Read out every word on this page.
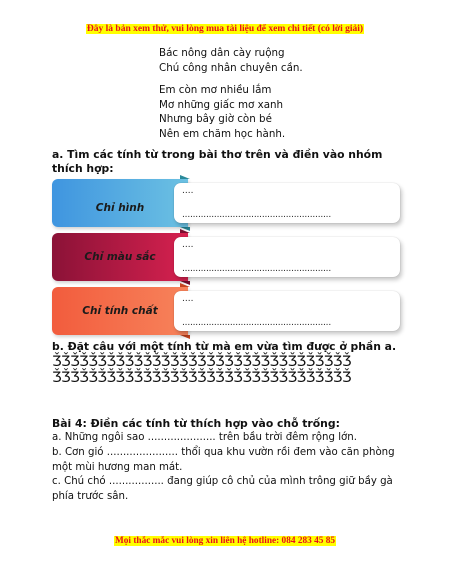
Đây là bản xem thử, vui lòng mua tài liệu để xem chi tiết (có lời giải)
Bác nông dân cày ruộng
Chú công nhân chuyên cần.
Em còn mơ nhiều lắm
Mơ những giấc mơ xanh
Nhưng bây giờ còn bé
Nên em chăm học hành.
a. Tìm các tính từ trong bài thơ trên và điền vào nhóm thích hợp:
Chỉ hình
....
........................................................
Chỉ màu sắc
....
........................................................
Chỉ tính chất
....
........................................................
b. Đặt câu với một tính từ mà em vừa tìm được ở phần a.
ǮǮǮǮǮǮǮǮǮǮǮǮǮǮǮǮǮǮǮǮǮǮǮǮǮǮǮǮǮǮǮǮǮǮǮǮǮǮǮǮǮǮǮǮǮǮǮǮǮǮǮǮǮǮǮǮǮǮǮǮǮǮǮǮǮǮ
Bài 4: Điền các tính từ thích hợp vào chỗ trống:
a. Những ngôi sao ..................... trên bầu trời đêm rộng lớn.
b. Cơn gió ...................... thổi qua khu vườn rồi đem vào căn phòng một mùi hương man mát.
c. Chú chó ................. đang giúp cô chủ của mình trông giữ bầy gà phía trước sân.
Mọi thắc mắc vui lòng xin liên hệ hotline: 084 283 45 85
